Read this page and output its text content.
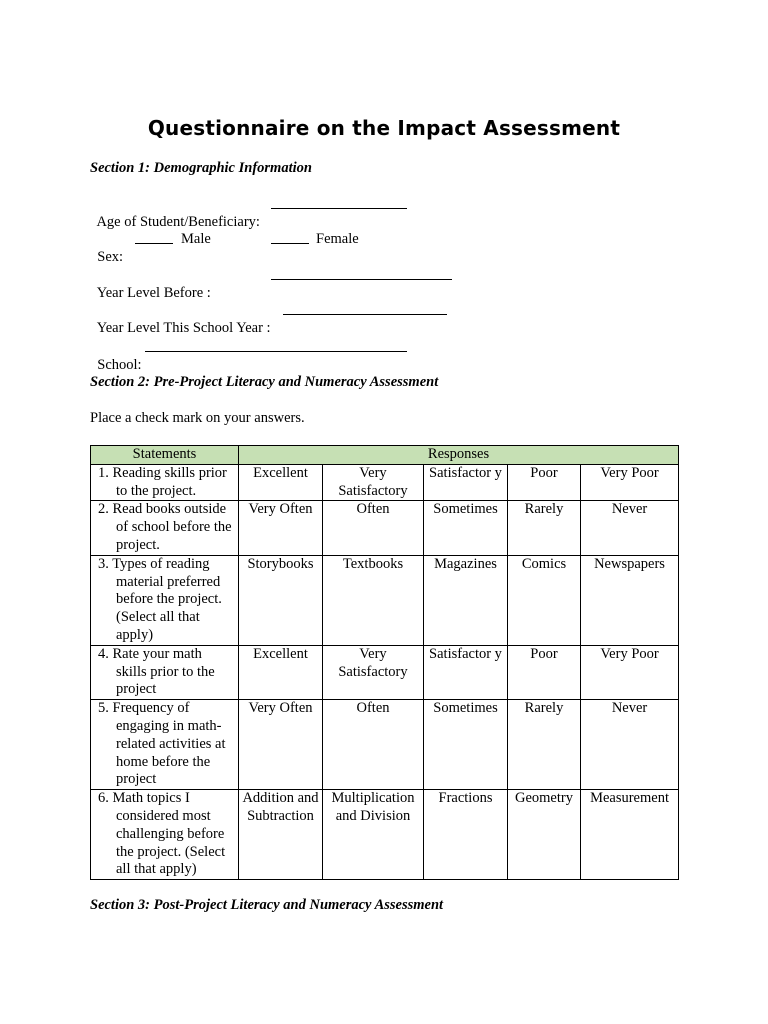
Questionnaire on the Impact Assessment
Section 1: Demographic Information

Age of Student/Beneficiary:

Sex:

Male

	Female

Year Level Before :

Year Level This School Year :

School:

Section 2: Pre-Project Literacy and Numeracy Assessment
Place a check mark on your answers.
Statements	Responses				
1. Reading skills prior to the project.	Excellent	Very Satisfactory	Satisfactor y	Poor	Very Poor
2. Read books outside of school before the project.	Very Often	Often	Sometimes	Rarely	Never
3. Types of reading material preferred before the project. (Select all that apply)	Storybooks	Textbooks	Magazines	Comics	Newspapers
4. Rate your math skills prior to the project	Excellent	Very Satisfactory	Satisfactor y	Poor	Very Poor
5. Frequency of engaging in math-related activities at home before the project	Very Often	Often	Sometimes	Rarely	Never
6. Math topics I considered most challenging before the project. (Select all that apply)	Addition and Subtraction	Multiplication and Division	Fractions	Geometry	Measurement
Section 3: Post-Project Literacy and Numeracy Assessment
